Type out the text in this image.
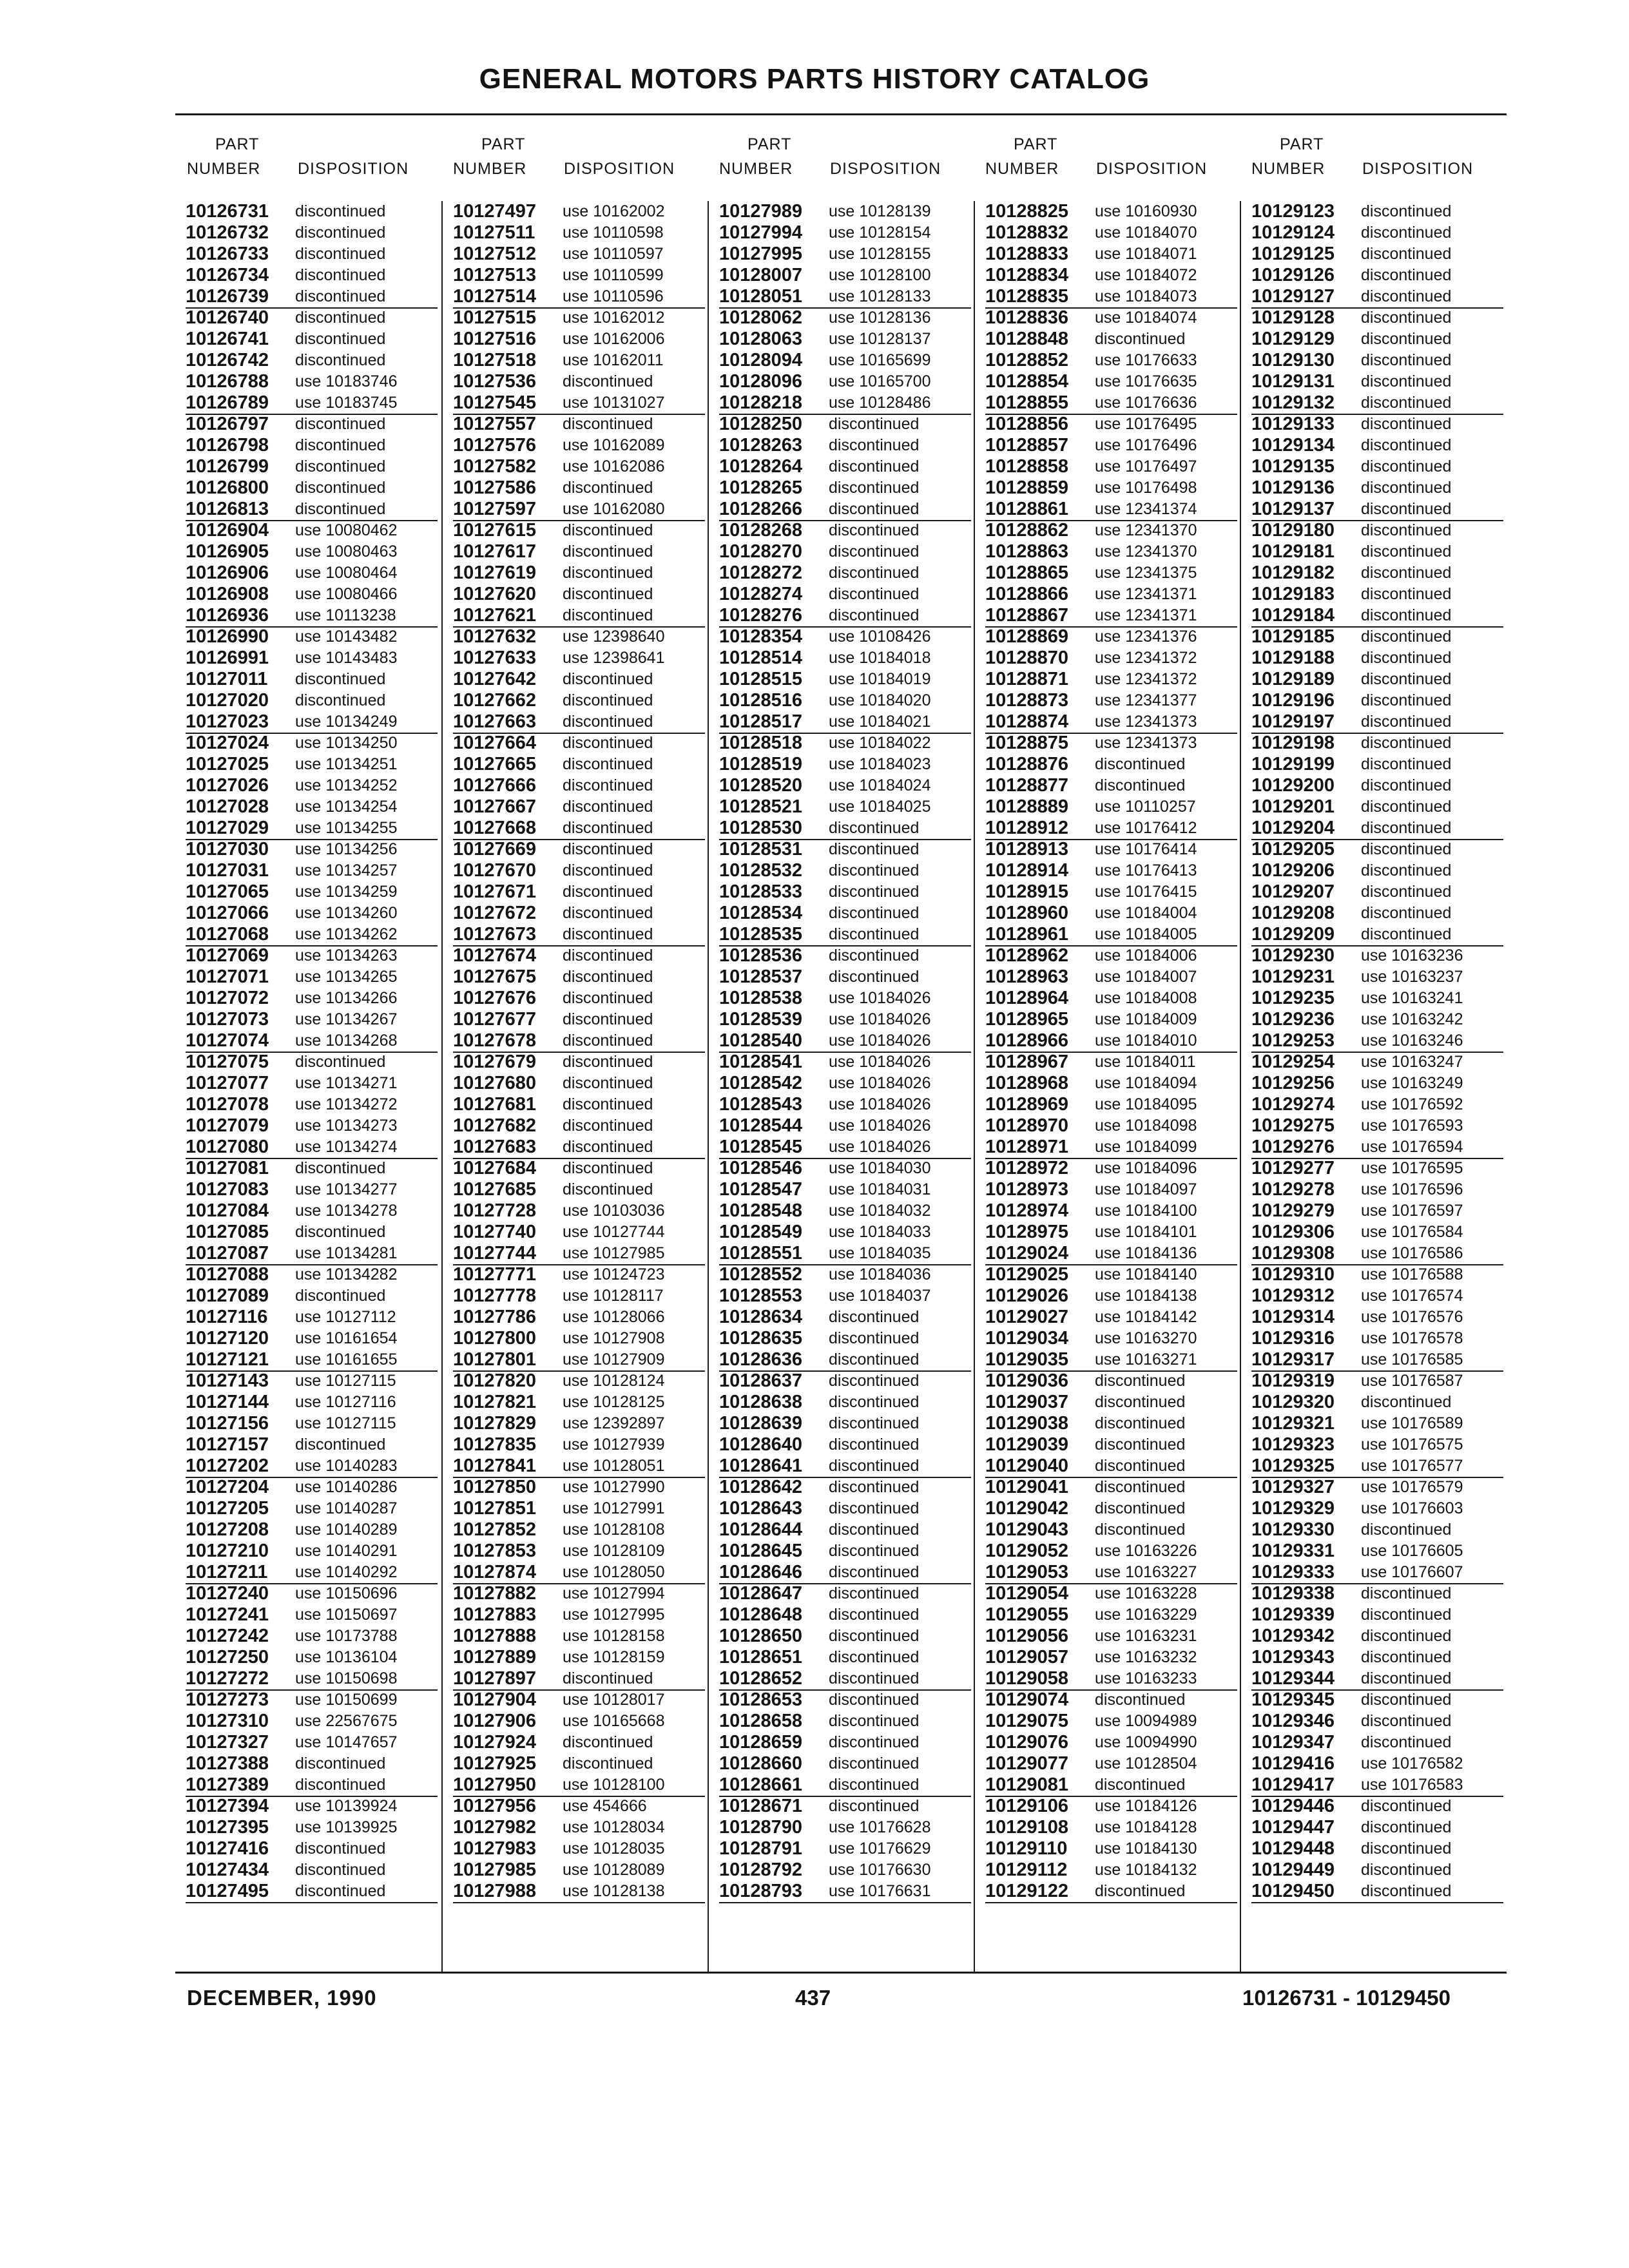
GENERAL MOTORS PARTS HISTORY CATALOG
PART
NUMBER DISPOSITION
PART
NUMBER DISPOSITION
PART
NUMBER DISPOSITION
PART
NUMBER DISPOSITION
PART
NUMBER DISPOSITION
10126731 discontinued
10126732 discontinued
10126733 discontinued
10126734 discontinued
10126739 discontinued
10126740 discontinued
10126741 discontinued
10126742 discontinued
10126788 use 10183746
10126789 use 10183745
10126797 discontinued
10126798 discontinued
10126799 discontinued
10126800 discontinued
10126813 discontinued
10126904 use 10080462
10126905 use 10080463
10126906 use 10080464
10126908 use 10080466
10126936 use 10113238
10126990 use 10143482
10126991 use 10143483
10127011 discontinued
10127020 discontinued
10127023 use 10134249
10127024 use 10134250
10127025 use 10134251
10127026 use 10134252
10127028 use 10134254
10127029 use 10134255
10127030 use 10134256
10127031 use 10134257
10127065 use 10134259
10127066 use 10134260
10127068 use 10134262
10127069 use 10134263
10127071 use 10134265
10127072 use 10134266
10127073 use 10134267
10127074 use 10134268
10127075 discontinued
10127077 use 10134271
10127078 use 10134272
10127079 use 10134273
10127080 use 10134274
10127081 discontinued
10127083 use 10134277
10127084 use 10134278
10127085 discontinued
10127087 use 10134281
10127088 use 10134282
10127089 discontinued
10127116 use 10127112
10127120 use 10161654
10127121 use 10161655
10127143 use 10127115
10127144 use 10127116
10127156 use 10127115
10127157 discontinued
10127202 use 10140283
10127204 use 10140286
10127205 use 10140287
10127208 use 10140289
10127210 use 10140291
10127211 use 10140292
10127240 use 10150696
10127241 use 10150697
10127242 use 10173788
10127250 use 10136104
10127272 use 10150698
10127273 use 10150699
10127310 use 22567675
10127327 use 10147657
10127388 discontinued
10127389 discontinued
10127394 use 10139924
10127395 use 10139925
10127416 discontinued
10127434 discontinued
10127495 discontinued
10127497 use 10162002
10127511 use 10110598
10127512 use 10110597
10127513 use 10110599
10127514 use 10110596
10127515 use 10162012
10127516 use 10162006
10127518 use 10162011
10127536 discontinued
10127545 use 10131027
10127557 discontinued
10127576 use 10162089
10127582 use 10162086
10127586 discontinued
10127597 use 10162080
10127615 discontinued
10127617 discontinued
10127619 discontinued
10127620 discontinued
10127621 discontinued
10127632 use 12398640
10127633 use 12398641
10127642 discontinued
10127662 discontinued
10127663 discontinued
10127664 discontinued
10127665 discontinued
10127666 discontinued
10127667 discontinued
10127668 discontinued
10127669 discontinued
10127670 discontinued
10127671 discontinued
10127672 discontinued
10127673 discontinued
10127674 discontinued
10127675 discontinued
10127676 discontinued
10127677 discontinued
10127678 discontinued
10127679 discontinued
10127680 discontinued
10127681 discontinued
10127682 discontinued
10127683 discontinued
10127684 discontinued
10127685 discontinued
10127728 use 10103036
10127740 use 10127744
10127744 use 10127985
10127771 use 10124723
10127778 use 10128117
10127786 use 10128066
10127800 use 10127908
10127801 use 10127909
10127820 use 10128124
10127821 use 10128125
10127829 use 12392897
10127835 use 10127939
10127841 use 10128051
10127850 use 10127990
10127851 use 10127991
10127852 use 10128108
10127853 use 10128109
10127874 use 10128050
10127882 use 10127994
10127883 use 10127995
10127888 use 10128158
10127889 use 10128159
10127897 discontinued
10127904 use 10128017
10127906 use 10165668
10127924 discontinued
10127925 discontinued
10127950 use 10128100
10127956 use 454666
10127982 use 10128034
10127983 use 10128035
10127985 use 10128089
10127988 use 10128138
10127989 use 10128139
10127994 use 10128154
10127995 use 10128155
10128007 use 10128100
10128051 use 10128133
10128062 use 10128136
10128063 use 10128137
10128094 use 10165699
10128096 use 10165700
10128218 use 10128486
10128250 discontinued
10128263 discontinued
10128264 discontinued
10128265 discontinued
10128266 discontinued
10128268 discontinued
10128270 discontinued
10128272 discontinued
10128274 discontinued
10128276 discontinued
10128354 use 10108426
10128514 use 10184018
10128515 use 10184019
10128516 use 10184020
10128517 use 10184021
10128518 use 10184022
10128519 use 10184023
10128520 use 10184024
10128521 use 10184025
10128530 discontinued
10128531 discontinued
10128532 discontinued
10128533 discontinued
10128534 discontinued
10128535 discontinued
10128536 discontinued
10128537 discontinued
10128538 use 10184026
10128539 use 10184026
10128540 use 10184026
10128541 use 10184026
10128542 use 10184026
10128543 use 10184026
10128544 use 10184026
10128545 use 10184026
10128546 use 10184030
10128547 use 10184031
10128548 use 10184032
10128549 use 10184033
10128551 use 10184035
10128552 use 10184036
10128553 use 10184037
10128634 discontinued
10128635 discontinued
10128636 discontinued
10128637 discontinued
10128638 discontinued
10128639 discontinued
10128640 discontinued
10128641 discontinued
10128642 discontinued
10128643 discontinued
10128644 discontinued
10128645 discontinued
10128646 discontinued
10128647 discontinued
10128648 discontinued
10128650 discontinued
10128651 discontinued
10128652 discontinued
10128653 discontinued
10128658 discontinued
10128659 discontinued
10128660 discontinued
10128661 discontinued
10128671 discontinued
10128790 use 10176628
10128791 use 10176629
10128792 use 10176630
10128793 use 10176631
10128825 use 10160930
10128832 use 10184070
10128833 use 10184071
10128834 use 10184072
10128835 use 10184073
10128836 use 10184074
10128848 discontinued
10128852 use 10176633
10128854 use 10176635
10128855 use 10176636
10128856 use 10176495
10128857 use 10176496
10128858 use 10176497
10128859 use 10176498
10128861 use 12341374
10128862 use 12341370
10128863 use 12341370
10128865 use 12341375
10128866 use 12341371
10128867 use 12341371
10128869 use 12341376
10128870 use 12341372
10128871 use 12341372
10128873 use 12341377
10128874 use 12341373
10128875 use 12341373
10128876 discontinued
10128877 discontinued
10128889 use 10110257
10128912 use 10176412
10128913 use 10176414
10128914 use 10176413
10128915 use 10176415
10128960 use 10184004
10128961 use 10184005
10128962 use 10184006
10128963 use 10184007
10128964 use 10184008
10128965 use 10184009
10128966 use 10184010
10128967 use 10184011
10128968 use 10184094
10128969 use 10184095
10128970 use 10184098
10128971 use 10184099
10128972 use 10184096
10128973 use 10184097
10128974 use 10184100
10128975 use 10184101
10129024 use 10184136
10129025 use 10184140
10129026 use 10184138
10129027 use 10184142
10129034 use 10163270
10129035 use 10163271
10129036 discontinued
10129037 discontinued
10129038 discontinued
10129039 discontinued
10129040 discontinued
10129041 discontinued
10129042 discontinued
10129043 discontinued
10129052 use 10163226
10129053 use 10163227
10129054 use 10163228
10129055 use 10163229
10129056 use 10163231
10129057 use 10163232
10129058 use 10163233
10129074 discontinued
10129075 use 10094989
10129076 use 10094990
10129077 use 10128504
10129081 discontinued
10129106 use 10184126
10129108 use 10184128
10129110 use 10184130
10129112 use 10184132
10129122 discontinued
10129123 discontinued
10129124 discontinued
10129125 discontinued
10129126 discontinued
10129127 discontinued
10129128 discontinued
10129129 discontinued
10129130 discontinued
10129131 discontinued
10129132 discontinued
10129133 discontinued
10129134 discontinued
10129135 discontinued
10129136 discontinued
10129137 discontinued
10129180 discontinued
10129181 discontinued
10129182 discontinued
10129183 discontinued
10129184 discontinued
10129185 discontinued
10129188 discontinued
10129189 discontinued
10129196 discontinued
10129197 discontinued
10129198 discontinued
10129199 discontinued
10129200 discontinued
10129201 discontinued
10129204 discontinued
10129205 discontinued
10129206 discontinued
10129207 discontinued
10129208 discontinued
10129209 discontinued
10129230 use 10163236
10129231 use 10163237
10129235 use 10163241
10129236 use 10163242
10129253 use 10163246
10129254 use 10163247
10129256 use 10163249
10129274 use 10176592
10129275 use 10176593
10129276 use 10176594
10129277 use 10176595
10129278 use 10176596
10129279 use 10176597
10129306 use 10176584
10129308 use 10176586
10129310 use 10176588
10129312 use 10176574
10129314 use 10176576
10129316 use 10176578
10129317 use 10176585
10129319 use 10176587
10129320 discontinued
10129321 use 10176589
10129323 use 10176575
10129325 use 10176577
10129327 use 10176579
10129329 use 10176603
10129330 discontinued
10129331 use 10176605
10129333 use 10176607
10129338 discontinued
10129339 discontinued
10129342 discontinued
10129343 discontinued
10129344 discontinued
10129345 discontinued
10129346 discontinued
10129347 discontinued
10129416 use 10176582
10129417 use 10176583
10129446 discontinued
10129447 discontinued
10129448 discontinued
10129449 discontinued
10129450 discontinued
DECEMBER, 1990	437	10126731 - 10129450
